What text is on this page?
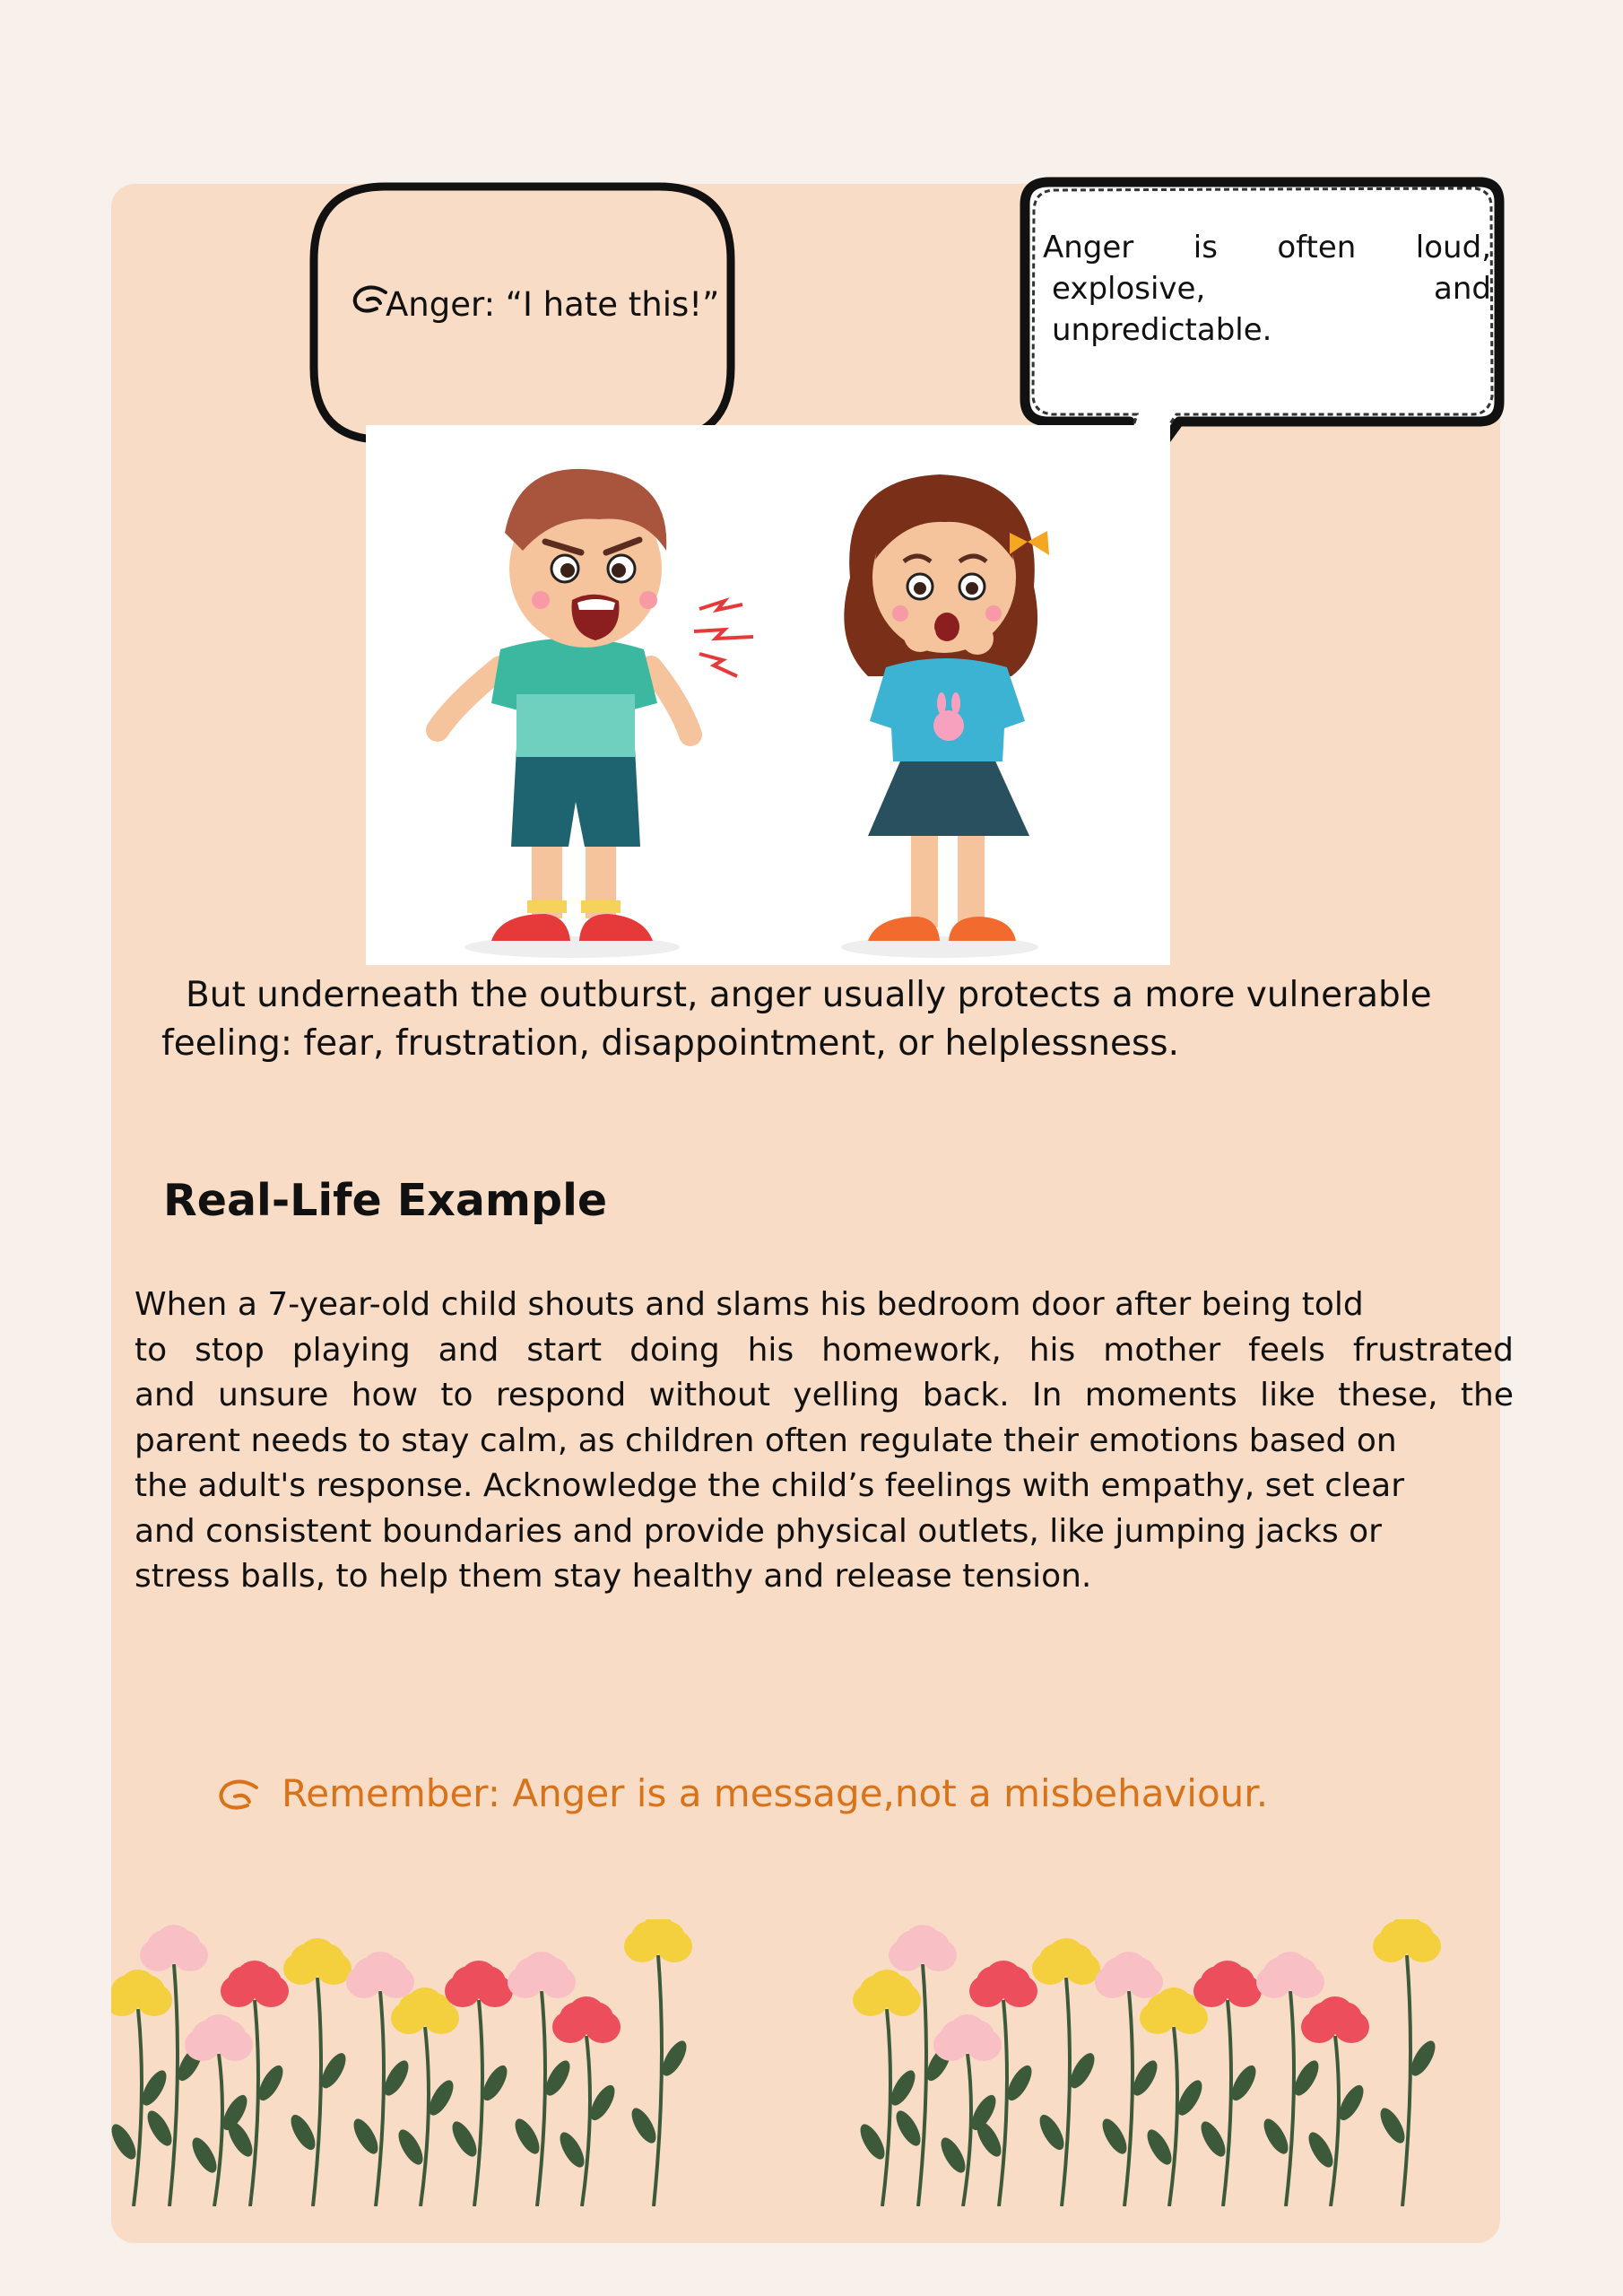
Anger: “I hate this!”
Anger is often loud,
explosive, and unpredictable.
But underneath the outburst, anger usually protects a more vulnerable
feeling: fear, frustration, disappointment, or helplessness.
Real-Life Example
When a 7-year-old child shouts and slams his bedroom door after being told
to stop playing and start doing his homework, his mother feels frustrated
and unsure how to respond without yelling back. In moments like these, the
parent needs to stay calm, as children often regulate their emotions based on
the adult's response. Acknowledge the child’s feelings with empathy, set clear
and consistent boundaries and provide physical outlets, like jumping jacks or
stress balls, to help them stay healthy and release tension.
Remember: Anger is a message,not a misbehaviour.
